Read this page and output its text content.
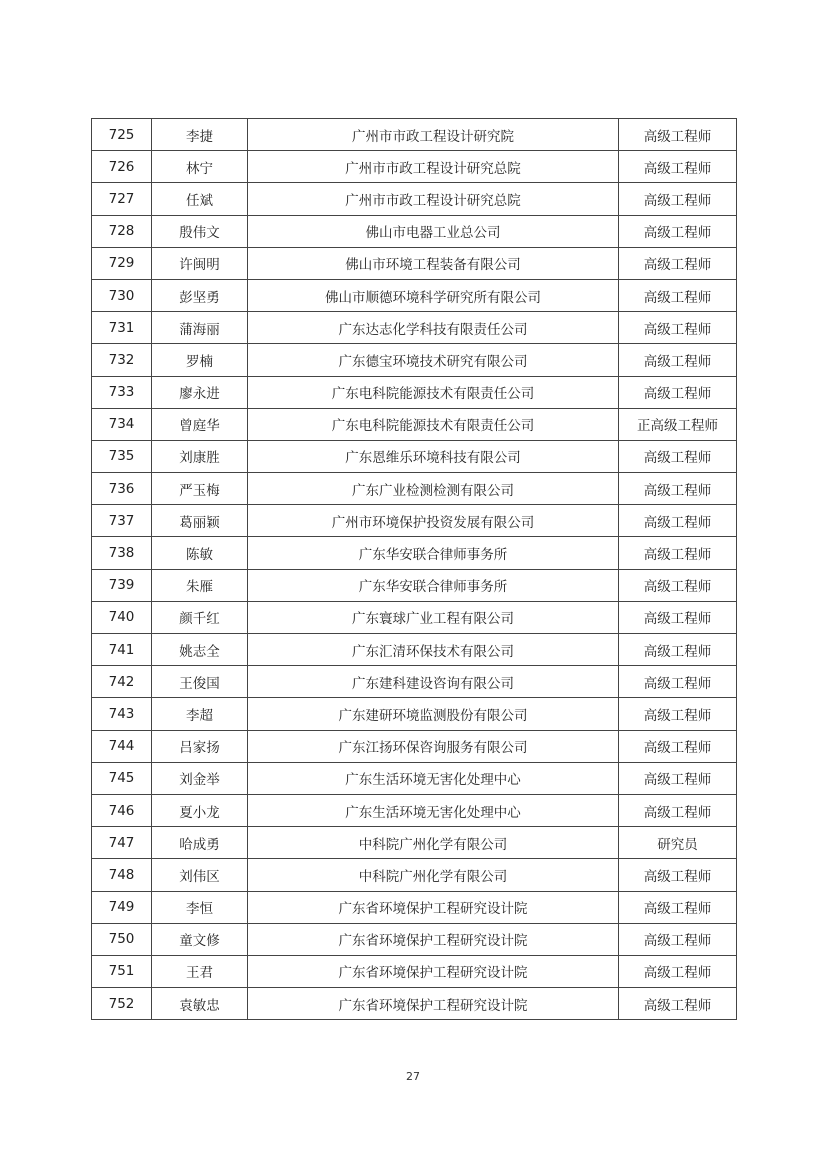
725	李捷	广州市市政工程设计研究院	高级工程师
726	林宁	广州市市政工程设计研究总院	高级工程师
727	任斌	广州市市政工程设计研究总院	高级工程师
728	殷伟文	佛山市电器工业总公司	高级工程师
729	许闽明	佛山市环境工程装备有限公司	高级工程师
730	彭坚勇	佛山市顺德环境科学研究所有限公司	高级工程师
731	蒲海丽	广东达志化学科技有限责任公司	高级工程师
732	罗楠	广东德宝环境技术研究有限公司	高级工程师
733	廖永进	广东电科院能源技术有限责任公司	高级工程师
734	曾庭华	广东电科院能源技术有限责任公司	正高级工程师
735	刘康胜	广东恩维乐环境科技有限公司	高级工程师
736	严玉梅	广东广业检测检测有限公司	高级工程师
737	葛丽颖	广州市环境保护投资发展有限公司	高级工程师
738	陈敏	广东华安联合律师事务所	高级工程师
739	朱雁	广东华安联合律师事务所	高级工程师
740	颜千红	广东寰球广业工程有限公司	高级工程师
741	姚志全	广东汇清环保技术有限公司	高级工程师
742	王俊国	广东建科建设咨询有限公司	高级工程师
743	李超	广东建研环境监测股份有限公司	高级工程师
744	吕家扬	广东江扬环保咨询服务有限公司	高级工程师
745	刘金举	广东生活环境无害化处理中心	高级工程师
746	夏小龙	广东生活环境无害化处理中心	高级工程师
747	哈成勇	中科院广州化学有限公司	研究员
748	刘伟区	中科院广州化学有限公司	高级工程师
749	李恒	广东省环境保护工程研究设计院	高级工程师
750	童文修	广东省环境保护工程研究设计院	高级工程师
751	王君	广东省环境保护工程研究设计院	高级工程师
752	袁敏忠	广东省环境保护工程研究设计院	高级工程师
27
